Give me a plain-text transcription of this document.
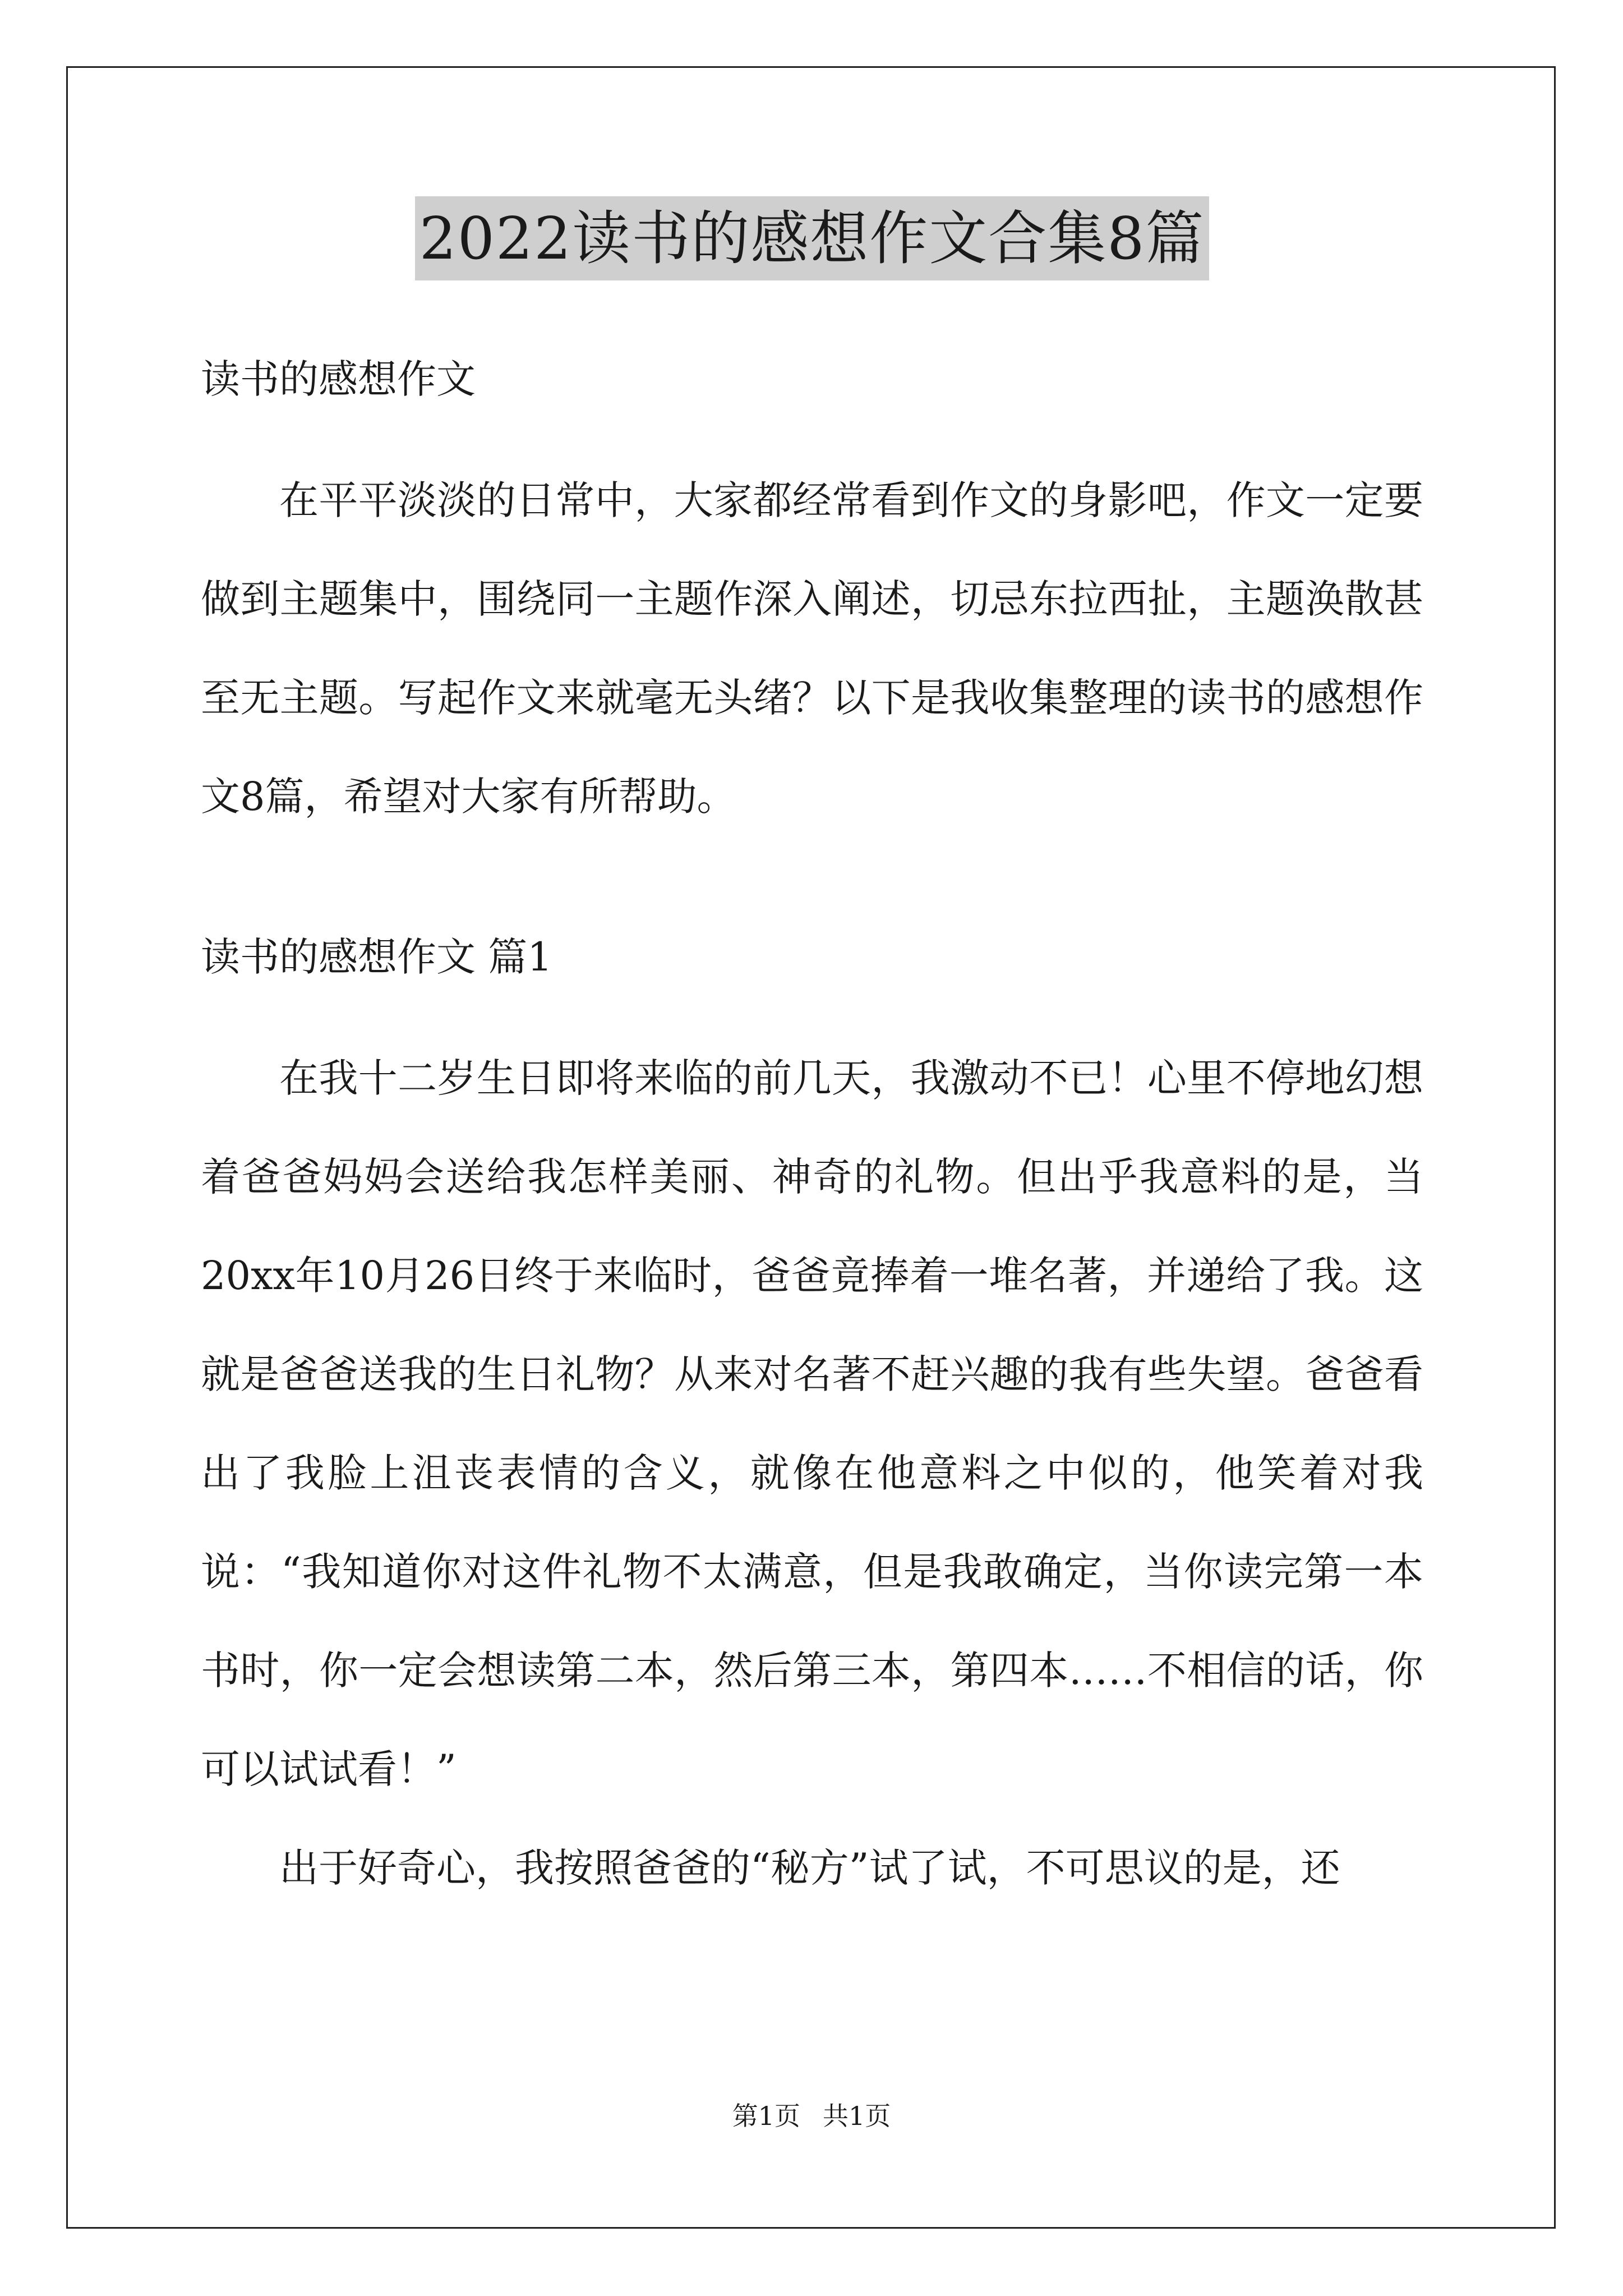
2022读书的感想作文合集8篇
读书的感想作文

在平平淡淡的日常中，大家都经常看到作文的身影吧，作文一定要做到主题集中，围绕同一主题作深入阐述，切忌东拉西扯，主题涣散甚至无主题。写起作文来就毫无头绪？以下是我收集整理的读书的感想作文8篇，希望对大家有所帮助。

读书的感想作文 篇1

在我十二岁生日即将来临的前几天，我激动不已！心里不停地幻想着爸爸妈妈会送给我怎样美丽、神奇的礼物。但出乎我意料的是，当20xx年10月26日终于来临时，爸爸竟捧着一堆名著，并递给了我。这就是爸爸送我的生日礼物？从来对名著不赶兴趣的我有些失望。爸爸看出了我脸上沮丧表情的含义，就像在他意料之中似的，他笑着对我说：“我知道你对这件礼物不太满意，但是我敢确定，当你读完第一本书时，你一定会想读第二本，然后第三本，第四本……不相信的话，你可以试试看！”

出于好奇心，我按照爸爸的“秘方”试了试，不可思议的是，还

第1页 共1页
